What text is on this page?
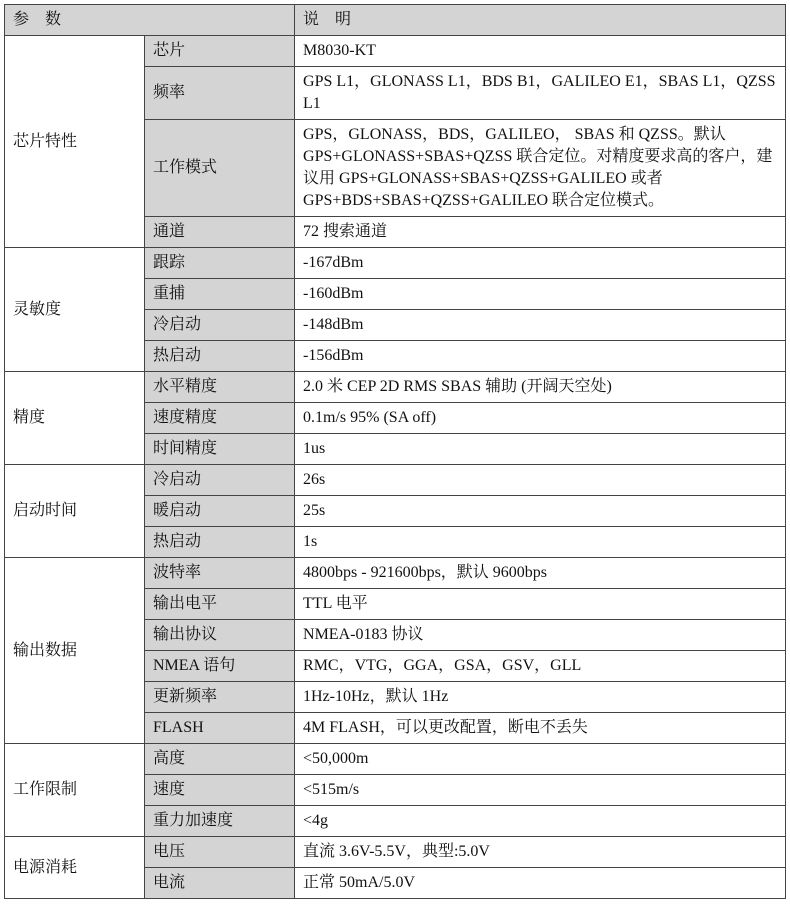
参 数		说 明
芯片特性	芯片	M8030-KT
	频率	GPS L1，GLONASS L1，BDS B1，GALILEO E1，SBAS L1，QZSS L1
	工作模式	GPS，GLONASS，BDS，GALILEO， SBAS 和 QZSS。默认 GPS+GLONASS+SBAS+QZSS 联合定位。对精度要求高的客户，建议用 GPS+GLONASS+SBAS+QZSS+GALILEO 或者 GPS+BDS+SBAS+QZSS+GALILEO 联合定位模式。
	通道	72 搜索通道
灵敏度	跟踪	-167dBm
	重捕	-160dBm
	冷启动	-148dBm
	热启动	-156dBm
精度	水平精度	2.0 米 CEP 2D RMS SBAS 辅助 (开阔天空处)
	速度精度	0.1m/s 95% (SA off)
	时间精度	1us
启动时间	冷启动	26s
	暖启动	25s
	热启动	1s
输出数据	波特率	4800bps - 921600bps，默认 9600bps
	输出电平	TTL 电平
	输出协议	NMEA-0183 协议
	NMEA 语句	RMC，VTG，GGA，GSA，GSV，GLL
	更新频率	1Hz-10Hz，默认 1Hz
	FLASH	4M FLASH，可以更改配置，断电不丢失
工作限制	高度	<50,000m
	速度	<515m/s
	重力加速度	<4g
电源消耗	电压	直流 3.6V-5.5V，典型:5.0V
	电流	正常 50mA/5.0V
